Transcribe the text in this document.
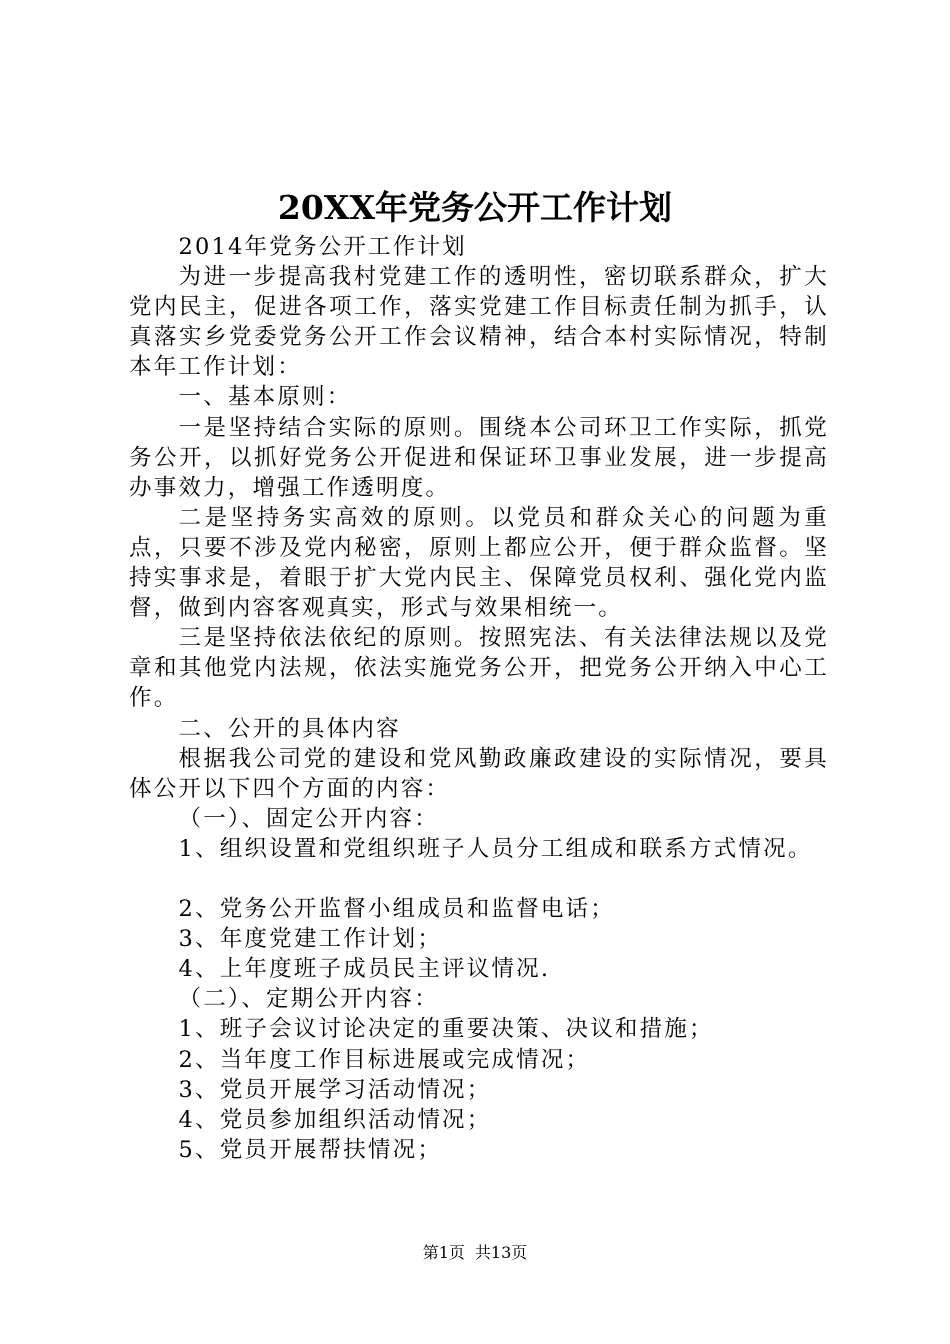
20XX年党务公开工作计划

2014年党务公开工作计划

为进一步提高我村党建工作的透明性，密切联系群众，扩大党内民主，促进各项工作，落实党建工作目标责任制为抓手，认真落实乡党委党务公开工作会议精神，结合本村实际情况，特制本年工作计划：

一、基本原则：

一是坚持结合实际的原则。围绕本公司环卫工作实际，抓党务公开，以抓好党务公开促进和保证环卫事业发展，进一步提高办事效力，增强工作透明度。

二是坚持务实高效的原则。以党员和群众关心的问题为重点，只要不涉及党内秘密，原则上都应公开，便于群众监督。坚持实事求是，着眼于扩大党内民主、保障党员权利、强化党内监督，做到内容客观真实，形式与效果相统一。

三是坚持依法依纪的原则。按照宪法、有关法律法规以及党章和其他党内法规，依法实施党务公开，把党务公开纳入中心工作。

二、公开的具体内容

根据我公司党的建设和党风勤政廉政建设的实际情况，要具体公开以下四个方面的内容：

（一）、固定公开内容：

1、组织设置和党组织班子人员分工组成和联系方式情况。

2、党务公开监督小组成员和监督电话；

3、年度党建工作计划；

4、上年度班子成员民主评议情况.

（二）、定期公开内容：

1、班子会议讨论决定的重要决策、决议和措施；

2、当年度工作目标进展或完成情况；

3、党员开展学习活动情况；

4、党员参加组织活动情况；

5、党员开展帮扶情况；

第1页 共13页
